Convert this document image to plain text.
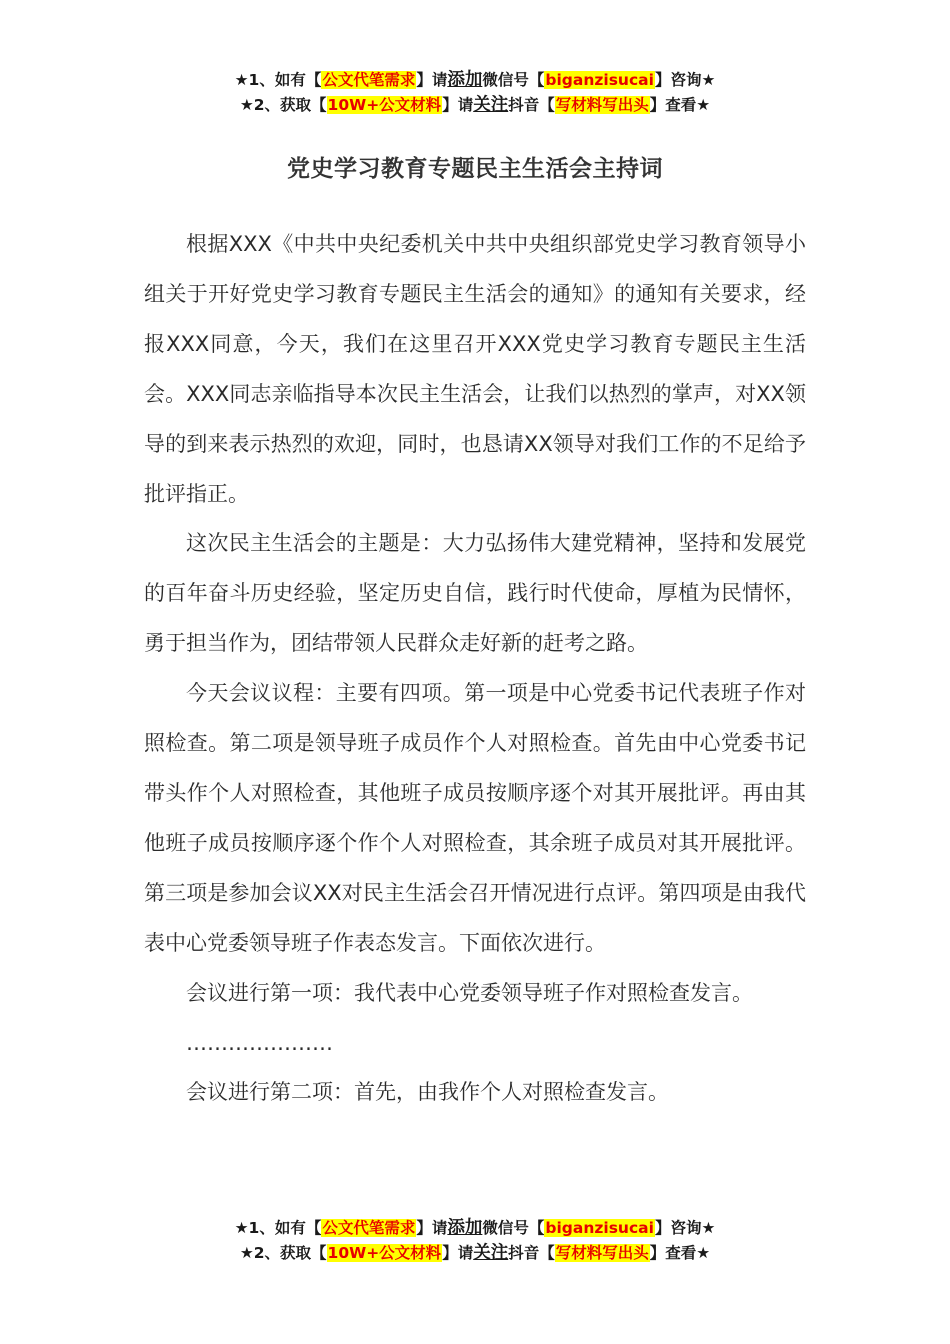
★1、如有【公文代笔需求】请添加微信号【biganzisucai】咨询★
★2、获取【10W+公文材料】请关注抖音【写材料写出头】查看★
党史学习教育专题民主生活会主持词

根据XXX《中共中央纪委机关中共中央组织部党史学习教育领导小组关于开好党史学习教育专题民主生活会的通知》的通知有关要求，经报XXX同意，今天，我们在这里召开XXX党史学习教育专题民主生活会。XXX同志亲临指导本次民主生活会，让我们以热烈的掌声，对XX领导的到来表示热烈的欢迎，同时，也恳请XX领导对我们工作的不足给予批评指正。

这次民主生活会的主题是：大力弘扬伟大建党精神，坚持和发展党的百年奋斗历史经验，坚定历史自信，践行时代使命，厚植为民情怀，勇于担当作为，团结带领人民群众走好新的赶考之路。

今天会议议程：主要有四项。第一项是中心党委书记代表班子作对照检查。第二项是领导班子成员作个人对照检查。首先由中心党委书记带头作个人对照检查，其他班子成员按顺序逐个对其开展批评。再由其他班子成员按顺序逐个作个人对照检查，其余班子成员对其开展批评。第三项是参加会议XX对民主生活会召开情况进行点评。第四项是由我代表中心党委领导班子作表态发言。下面依次进行。

会议进行第一项：我代表中心党委领导班子作对照检查发言。

…………………

会议进行第二项：首先，由我作个人对照检查发言。

★1、如有【公文代笔需求】请添加微信号【biganzisucai】咨询★
★2、获取【10W+公文材料】请关注抖音【写材料写出头】查看★
